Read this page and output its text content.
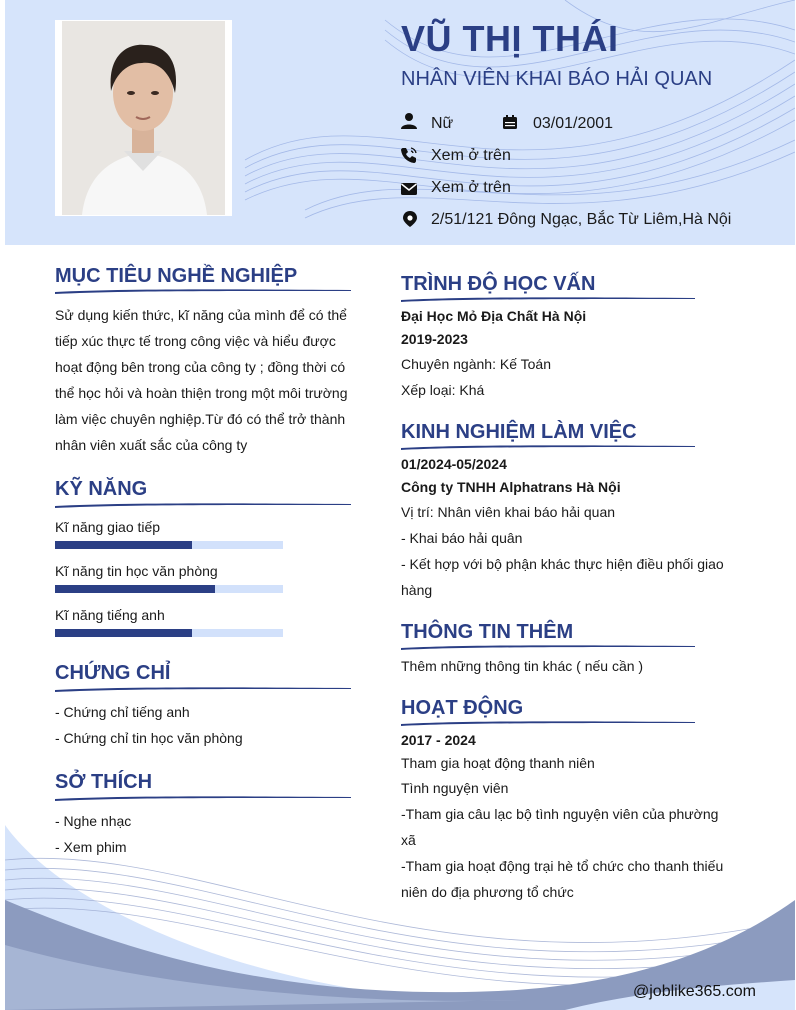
VŨ THỊ THÁI
NHÂN VIÊN KHAI BÁO HẢI QUAN
Nữ	03/01/2001
Xem ở trên
Xem ở trên
2/51/121 Đông Ngạc, Bắc Từ Liêm,Hà Nội
MỤC TIÊU NGHỀ NGHIỆP
Sử dụng kiến thức, kĩ năng của mình để có thể
tiếp xúc thực tế trong công việc và hiểu được
hoạt động bên trong của công ty ; đồng thời có
thể học hỏi và hoàn thiện trong một môi trường
làm việc chuyên nghiệp.Từ đó có thể trở thành
nhân viên xuất sắc của công ty
KỸ NĂNG
Kĩ năng giao tiếp
Kĩ năng tin học văn phòng
Kĩ năng tiếng anh
CHỨNG CHỈ
- Chứng chỉ tiếng anh
- Chứng chỉ tin học văn phòng
SỞ THÍCH
- Nghe nhạc
- Xem phim
TRÌNH ĐỘ HỌC VẤN
Đại Học Mỏ Địa Chất Hà Nội
2019-2023
Chuyên ngành: Kế Toán
Xếp loại: Khá
KINH NGHIỆM LÀM VIỆC
01/2024-05/2024
Công ty TNHH Alphatrans Hà Nội
Vị trí: Nhân viên khai báo hải quan
- Khai báo hải quân
- Kết hợp với bộ phận khác thực hiện điều phối giao
hàng
THÔNG TIN THÊM
Thêm những thông tin khác ( nếu cần )
HOẠT ĐỘNG
2017 - 2024
Tham gia hoạt động thanh niên
Tình nguyện viên
-Tham gia câu lạc bộ tình nguyện viên của phường
xã
-Tham gia hoạt động trại hè tổ chức cho thanh thiếu
niên do địa phương tổ chức
@joblike365.com
